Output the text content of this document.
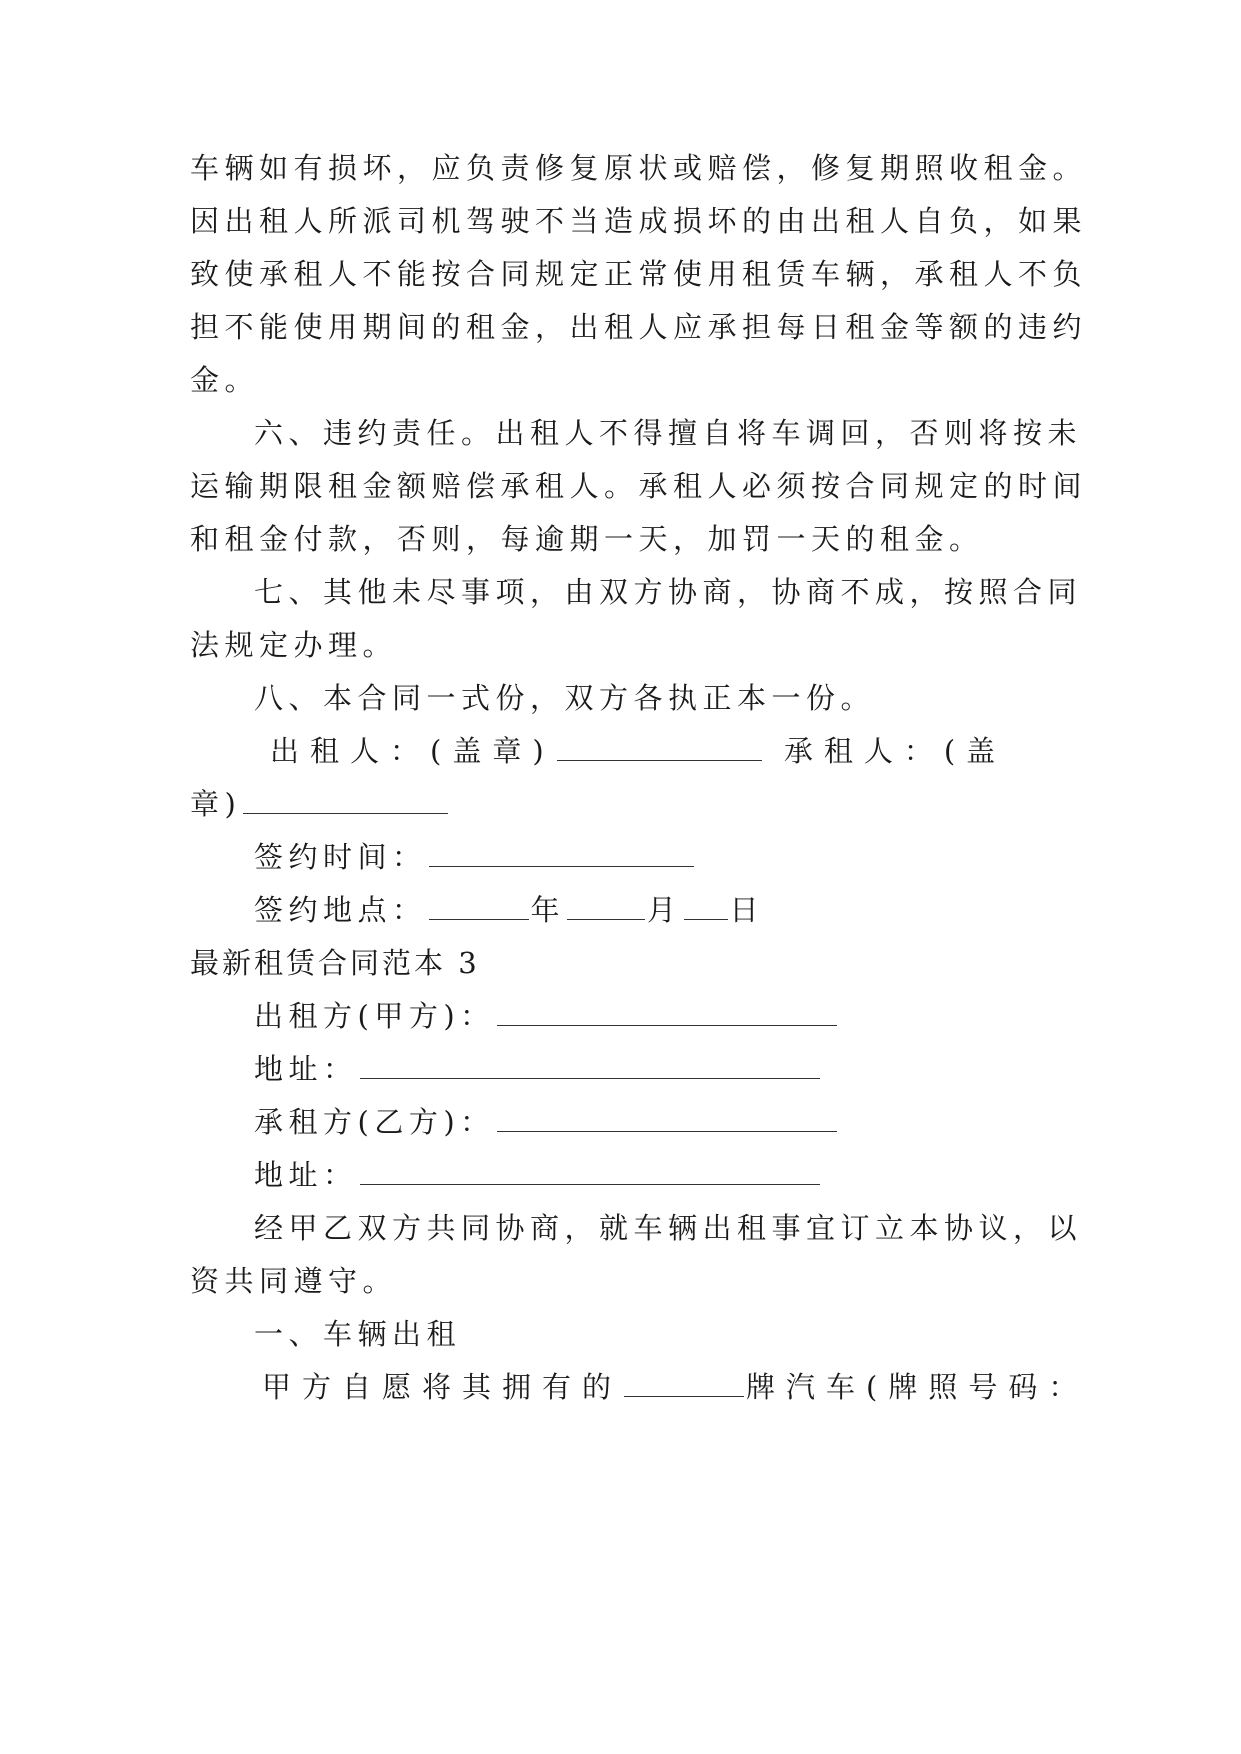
车辆如有损坏，应负责修复原状或赔偿，修复期照收租金。
因出租人所派司机驾驶不当造成损坏的由出租人自负，如果
致使承租人不能按合同规定正常使用租赁车辆，承租人不负
担不能使用期间的租金，出租人应承担每日租金等额的违约
金。
六、违约责任。出租人不得擅自将车调回，否则将按未
运输期限租金额赔偿承租人。承租人必须按合同规定的时间
和租金付款，否则，每逾期一天，加罚一天的租金。
七、其他未尽事项，由双方协商，协商不成，按照合同
法规定办理。
八、本合同一式份，双方各执正本一份。
出租人：(盖章)	承租人：(盖
章)
签约时间：
签约地点：	年	月 日
最新租赁合同范本 3
出租方(甲方)：
地址：
承租方(乙方)：
地址：
经甲乙双方共同协商，就车辆出租事宜订立本协议，以
资共同遵守。
一、车辆出租
甲方自愿将其拥有的	牌汽车(牌照号码：
